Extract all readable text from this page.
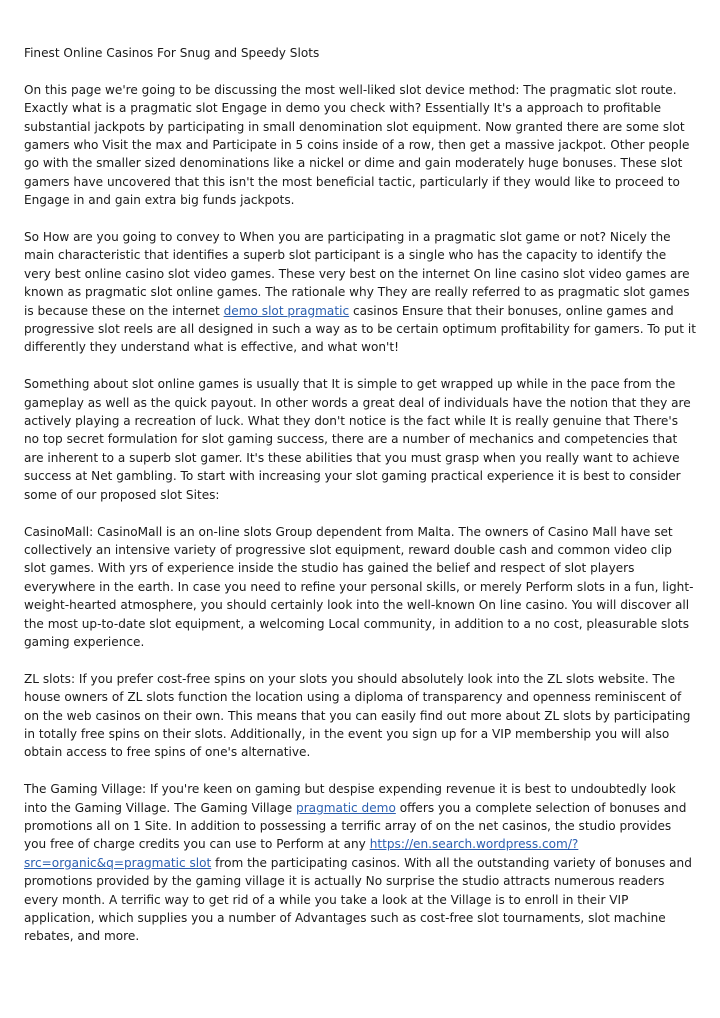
Finest Online Casinos For Snug and Speedy Slots

On this page we're going to be discussing the most well-liked slot device method: The pragmatic slot route. Exactly what is a pragmatic slot Engage in demo you check with? Essentially It's a approach to profitable substantial jackpots by participating in small denomination slot equipment. Now granted there are some slot gamers who Visit the max and Participate in 5 coins inside of a row, then get a massive jackpot. Other people go with the smaller sized denominations like a nickel or dime and gain moderately huge bonuses. These slot gamers have uncovered that this isn't the most beneficial tactic, particularly if they would like to proceed to Engage in and gain extra big funds jackpots.

So How are you going to convey to When you are participating in a pragmatic slot game or not? Nicely the main characteristic that identifies a superb slot participant is a single who has the capacity to identify the very best online casino slot video games. These very best on the internet On line casino slot video games are known as pragmatic slot online games. The rationale why They are really referred to as pragmatic slot games is because these on the internet demo slot pragmatic casinos Ensure that their bonuses, online games and progressive slot reels are all designed in such a way as to be certain optimum profitability for gamers. To put it differently they understand what is effective, and what won't!

Something about slot online games is usually that It is simple to get wrapped up while in the pace from the gameplay as well as the quick payout. In other words a great deal of individuals have the notion that they are actively playing a recreation of luck. What they don't notice is the fact while It is really genuine that There's no top secret formulation for slot gaming success, there are a number of mechanics and competencies that are inherent to a superb slot gamer. It's these abilities that you must grasp when you really want to achieve success at Net gambling. To start with increasing your slot gaming practical experience it is best to consider some of our proposed slot Sites:

CasinoMall: CasinoMall is an on-line slots Group dependent from Malta. The owners of Casino Mall have set collectively an intensive variety of progressive slot equipment, reward double cash and common video clip slot games. With yrs of experience inside the studio has gained the belief and respect of slot players everywhere in the earth. In case you need to refine your personal skills, or merely Perform slots in a fun, light-weight-hearted atmosphere, you should certainly look into the well-known On line casino. You will discover all the most up-to-date slot equipment, a welcoming Local community, in addition to a no cost, pleasurable slots gaming experience.

ZL slots: If you prefer cost-free spins on your slots you should absolutely look into the ZL slots website. The house owners of ZL slots function the location using a diploma of transparency and openness reminiscent of on the web casinos on their own. This means that you can easily find out more about ZL slots by participating in totally free spins on their slots. Additionally, in the event you sign up for a VIP membership you will also obtain access to free spins of one's alternative.

The Gaming Village: If you're keen on gaming but despise expending revenue it is best to undoubtedly look into the Gaming Village. The Gaming Village pragmatic demo offers you a complete selection of bonuses and promotions all on 1 Site. In addition to possessing a terrific array of on the net casinos, the studio provides you free of charge credits you can use to Perform at any https://en.search.wordpress.com/?src=organic&q=pragmatic slot from the participating casinos. With all the outstanding variety of bonuses and promotions provided by the gaming village it is actually No surprise the studio attracts numerous readers every month. A terrific way to get rid of a while you take a look at the Village is to enroll in their VIP application, which supplies you a number of Advantages such as cost-free slot tournaments, slot machine rebates, and more.
